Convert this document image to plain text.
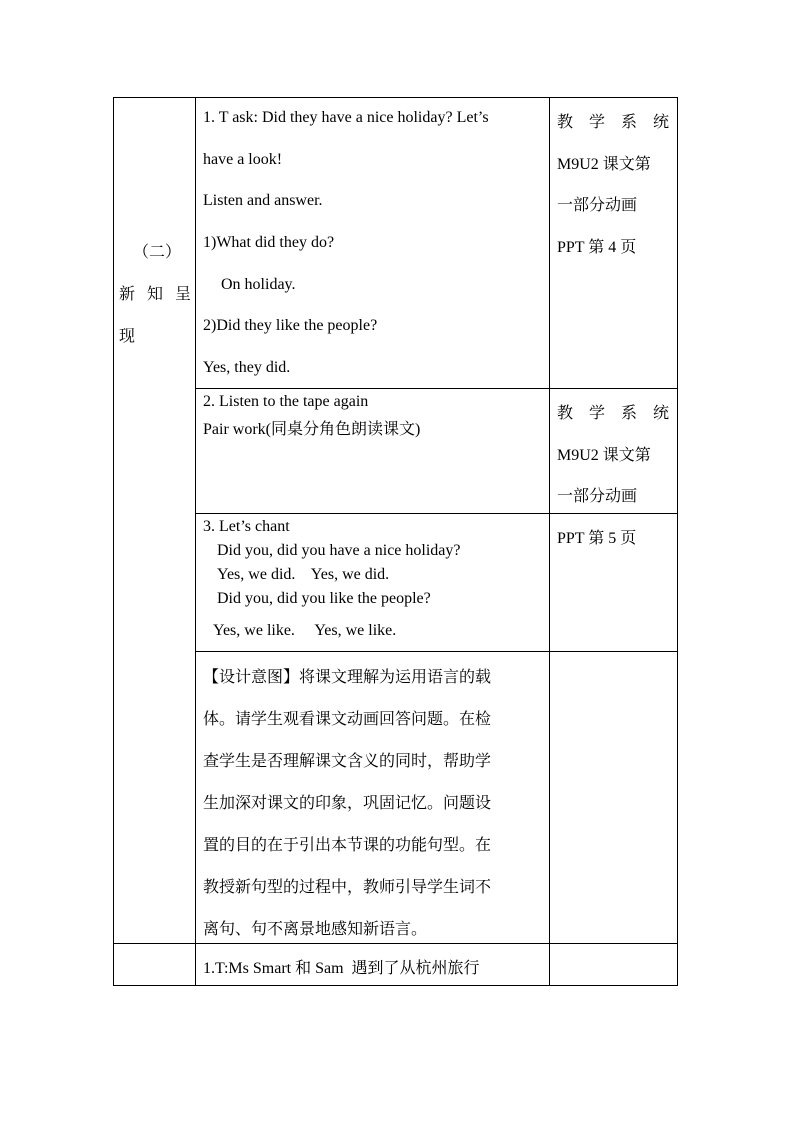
（二）
新 知 呈
现
1. T ask: Did they have a nice holiday? Let’s
have a look!
Listen and answer.
1)What did they do?
On holiday.
2)Did they like the people?
Yes, they did.
教 学 系 统
M9U2 课文第
一部分动画
PPT 第 4 页
2. Listen to the tape again
Pair work(同桌分角色朗读课文)
教 学 系 统
M9U2 课文第
一部分动画
3. Let’s chant
Did you, did you have a nice holiday?
Yes, we did.    Yes, we did.
Did you, did you like the people?
Yes, we like.     Yes, we like.
PPT 第 5 页
【设计意图】将课文理解为运用语言的载
体。请学生观看课文动画回答问题。在检
查学生是否理解课文含义的同时，帮助学
生加深对课文的印象，巩固记忆。问题设
置的目的在于引出本节课的功能句型。在
教授新句型的过程中，教师引导学生词不
离句、句不离景地感知新语言。
1.T:Ms Smart 和 Sam  遇到了从杭州旅行
